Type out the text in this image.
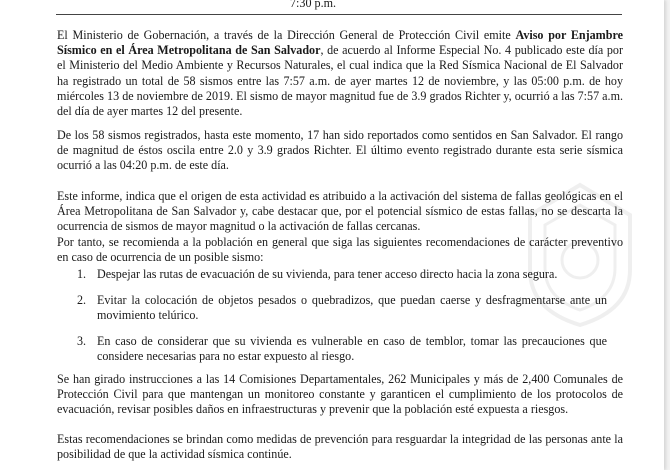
7:30 p.m.

El Ministerio de Gobernación, a través de la Dirección General de Protección Civil emite Aviso por Enjambre Sísmico en el Área Metropolitana de San Salvador, de acuerdo al Informe Especial No. 4 publicado este día por el Ministerio del Medio Ambiente y Recursos Naturales, el cual indica que la Red Sísmica Nacional de El Salvador ha registrado un total de 58 sismos entre las 7:57 a.m. de ayer martes 12 de noviembre, y las 05:00 p.m. de hoy miércoles 13 de noviembre de 2019. El sismo de mayor magnitud fue de 3.9 grados Richter y, ocurrió a las 7:57 a.m. del día de ayer martes 12 del presente.

De los 58 sismos registrados, hasta este momento, 17 han sido reportados como sentidos en San Salvador. El rango de magnitud de éstos oscila entre 2.0 y 3.9 grados Richter. El último evento registrado durante esta serie sísmica ocurrió a las 04:20 p.m. de este día.

Este informe, indica que el origen de esta actividad es atribuido a la activación del sistema de fallas geológicas en el Área Metropolitana de San Salvador y, cabe destacar que, por el potencial sísmico de estas fallas, no se descarta la ocurrencia de sismos de mayor magnitud o la activación de fallas cercanas.

Por tanto, se recomienda a la población en general que siga las siguientes recomendaciones de carácter preventivo en caso de ocurrencia de un posible sismo:

1. Despejar las rutas de evacuación de su vivienda, para tener acceso directo hacia la zona segura.
2. Evitar la colocación de objetos pesados o quebradizos, que puedan caerse y desfragmentarse ante un movimiento telúrico.
3. En caso de considerar que su vivienda es vulnerable en caso de temblor, tomar las precauciones que considere necesarias para no estar expuesto al riesgo.

Se han girado instrucciones a las 14 Comisiones Departamentales, 262 Municipales y más de 2,400 Comunales de Protección Civil para que mantengan un monitoreo constante y garanticen el cumplimiento de los protocolos de evacuación, revisar posibles daños en infraestructuras y prevenir que la población esté expuesta a riesgos.

Estas recomendaciones se brindan como medidas de prevención para resguardar la integridad de las personas ante la posibilidad de que la actividad sísmica continúe.
